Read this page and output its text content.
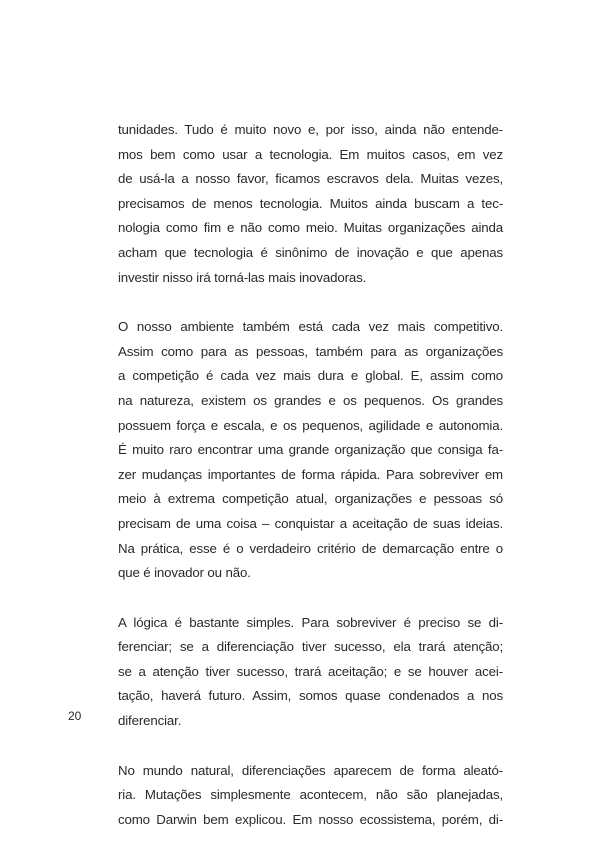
tunidades. Tudo é muito novo e, por isso, ainda não entende-
mos bem como usar a tecnologia. Em muitos casos, em vez
de usá-la a nosso favor, ficamos escravos dela. Muitas vezes,
precisamos de menos tecnologia. Muitos ainda buscam a tec-
nologia como fim e não como meio. Muitas organizações ainda
acham que tecnologia é sinônimo de inovação e que apenas
investir nisso irá torná-las mais inovadoras.
O nosso ambiente também está cada vez mais competitivo.
Assim como para as pessoas, também para as organizações
a competição é cada vez mais dura e global. E, assim como
na natureza, existem os grandes e os pequenos. Os grandes
possuem força e escala, e os pequenos, agilidade e autonomia.
É muito raro encontrar uma grande organização que consiga fa-
zer mudanças importantes de forma rápida. Para sobreviver em
meio à extrema competição atual, organizações e pessoas só
precisam de uma coisa – conquistar a aceitação de suas ideias.
Na prática, esse é o verdadeiro critério de demarcação entre o
que é inovador ou não.
A lógica é bastante simples. Para sobreviver é preciso se di-
ferenciar; se a diferenciação tiver sucesso, ela trará atenção;
se a atenção tiver sucesso, trará aceitação; e se houver acei-
tação, haverá futuro. Assim, somos quase condenados a nos
diferenciar.
No mundo natural, diferenciações aparecem de forma aleató-
ria. Mutações simplesmente acontecem, não são planejadas,
como Darwin bem explicou. Em nosso ecossistema, porém, di-
20
